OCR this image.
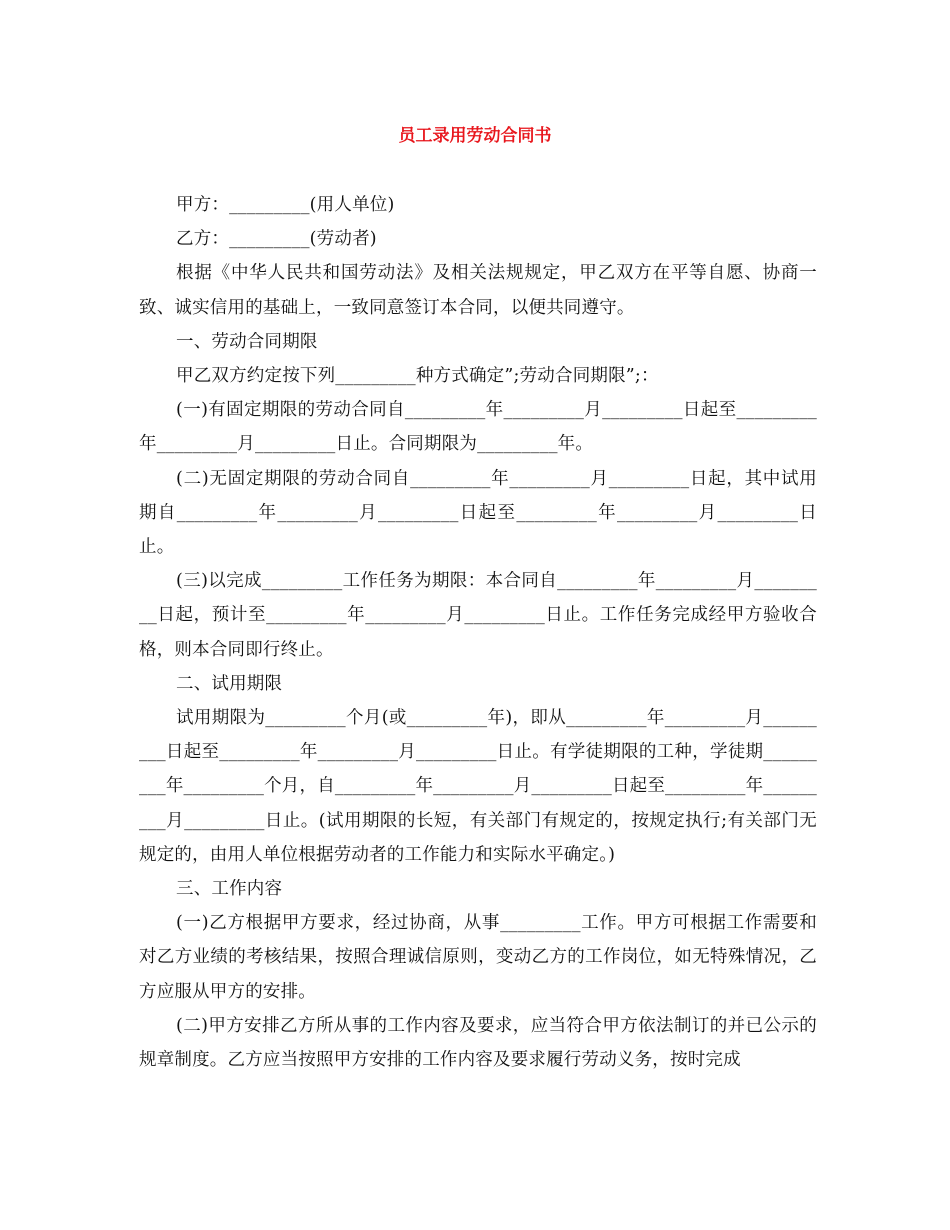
员工录用劳动合同书

甲方：_________(用人单位)

乙方：_________(劳动者)

根据《中华人民共和国劳动法》及相关法规规定，甲乙双方在平等自愿、协商一致、诚实信用的基础上，一致同意签订本合同，以便共同遵守。

一、劳动合同期限

甲乙双方约定按下列_________种方式确定”;劳动合同期限”;：

(一)有固定期限的劳动合同自_________年_________月_________日起至_________年_________月_________日止。合同期限为_________年。

(二)无固定期限的劳动合同自_________年_________月_________日起，其中试用期自_________年_________月_________日起至_________年_________月_________日止。

(三)以完成_________工作任务为期限：本合同自_________年_________月_________日起，预计至_________年_________月_________日止。工作任务完成经甲方验收合格，则本合同即行终止。

二、试用期限

试用期限为_________个月(或_________年)，即从_________年_________月_________日起至_________年_________月_________日止。有学徒期限的工种，学徒期_________年_________个月，自_________年_________月_________日起至_________年_________月_________日止。(试用期限的长短，有关部门有规定的，按规定执行;有关部门无规定的，由用人单位根据劳动者的工作能力和实际水平确定。)

三、工作内容

(一)乙方根据甲方要求，经过协商，从事_________工作。甲方可根据工作需要和对乙方业绩的考核结果，按照合理诚信原则，变动乙方的工作岗位，如无特殊情况，乙方应服从甲方的安排。

(二)甲方安排乙方所从事的工作内容及要求，应当符合甲方依法制订的并已公示的规章制度。乙方应当按照甲方安排的工作内容及要求履行劳动义务，按时完成
